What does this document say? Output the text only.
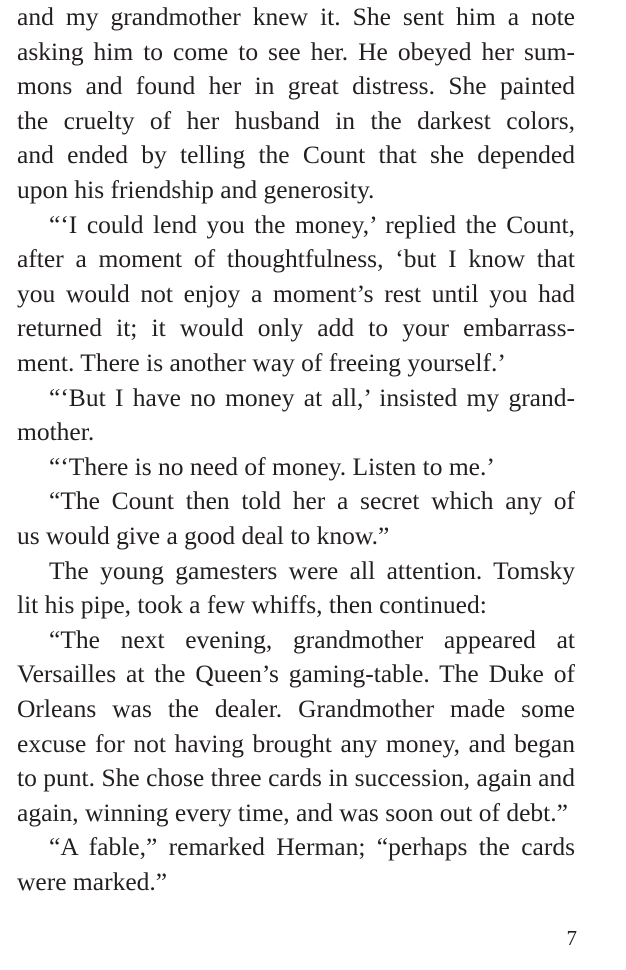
and my grandmother knew it. She sent him a note
asking him to come to see her. He obeyed her sum-
mons and found her in great distress. She painted
the cruelty of her husband in the darkest colors,
and ended by telling the Count that she depended
upon his friendship and generosity.
“‘I could lend you the money,’ replied the Count,
after a moment of thoughtfulness, ‘but I know that
you would not enjoy a moment’s rest until you had
returned it; it would only add to your embarrass-
ment. There is another way of freeing yourself.’
“‘But I have no money at all,’ insisted my grand-
mother.
“‘There is no need of money. Listen to me.’
“The Count then told her a secret which any of
us would give a good deal to know.”
The young gamesters were all attention. Tomsky
lit his pipe, took a few whiffs, then continued:
“The next evening, grandmother appeared at
Versailles at the Queen’s gaming-table. The Duke of
Orleans was the dealer. Grandmother made some
excuse for not having brought any money, and began
to punt. She chose three cards in succession, again and
again, winning every time, and was soon out of debt.”
“A fable,” remarked Herman; “perhaps the cards
were marked.”
7
